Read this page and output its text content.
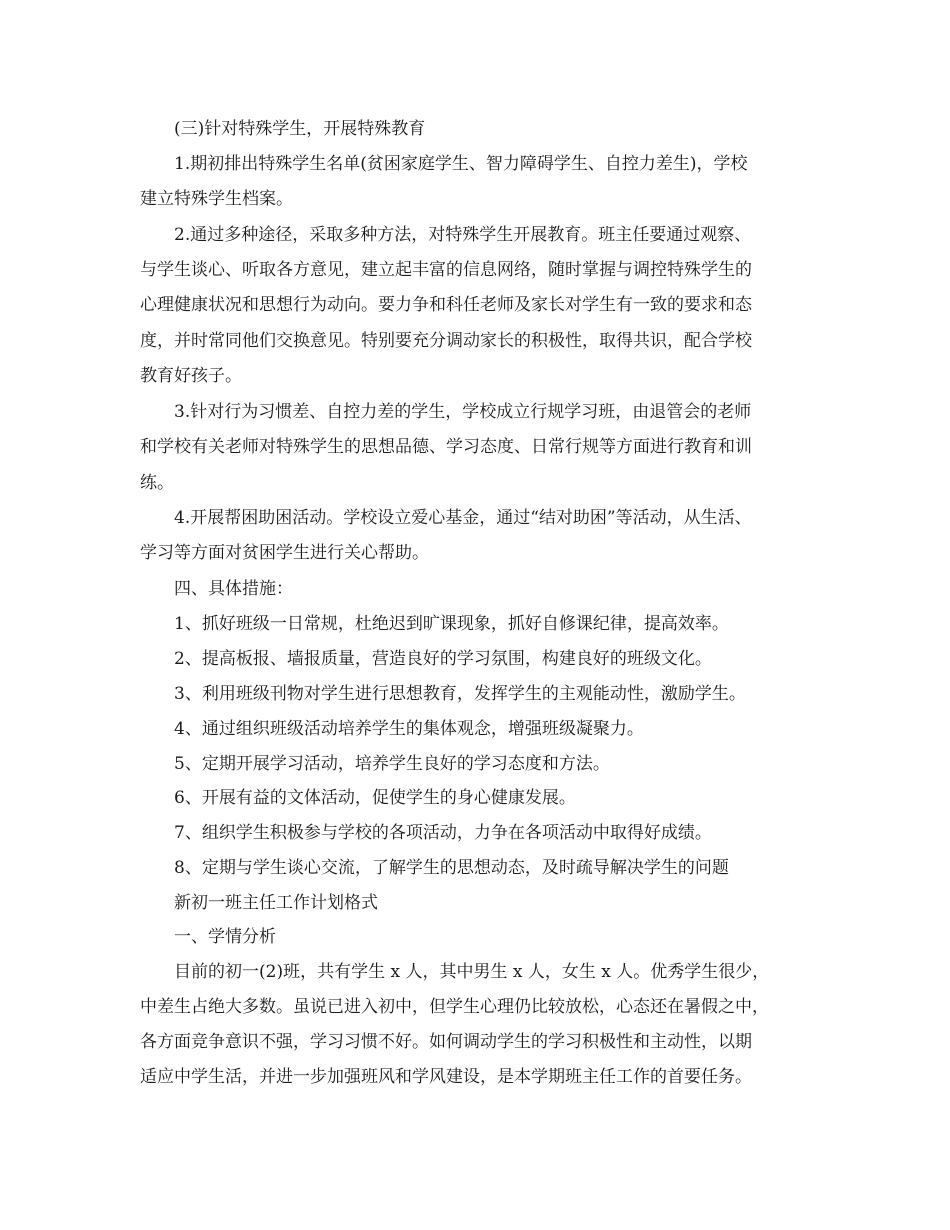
(三)针对特殊学生，开展特殊教育
1.期初排出特殊学生名单(贫困家庭学生、智力障碍学生、自控力差生)，学校
建立特殊学生档案。
2.通过多种途径，采取多种方法，对特殊学生开展教育。班主任要通过观察、
与学生谈心、听取各方意见，建立起丰富的信息网络，随时掌握与调控特殊学生的
心理健康状况和思想行为动向。要力争和科任老师及家长对学生有一致的要求和态
度，并时常同他们交换意见。特别要充分调动家长的积极性，取得共识，配合学校
教育好孩子。
3.针对行为习惯差、自控力差的学生，学校成立行规学习班，由退管会的老师
和学校有关老师对特殊学生的思想品德、学习态度、日常行规等方面进行教育和训
练。
4.开展帮困助困活动。学校设立爱心基金，通过“结对助困”等活动，从生活、
学习等方面对贫困学生进行关心帮助。
四、具体措施：
1、抓好班级一日常规，杜绝迟到旷课现象，抓好自修课纪律，提高效率。
2、提高板报、墙报质量，营造良好的学习氛围，构建良好的班级文化。
3、利用班级刊物对学生进行思想教育，发挥学生的主观能动性，激励学生。
4、通过组织班级活动培养学生的集体观念，增强班级凝聚力。
5、定期开展学习活动，培养学生良好的学习态度和方法。
6、开展有益的文体活动，促使学生的身心健康发展。
7、组织学生积极参与学校的各项活动，力争在各项活动中取得好成绩。
8、定期与学生谈心交流，了解学生的思想动态，及时疏导解决学生的问题
新初一班主任工作计划格式
一、学情分析
目前的初一(2)班，共有学生 x 人，其中男生 x 人，女生 x 人。优秀学生很少，
中差生占绝大多数。虽说已进入初中，但学生心理仍比较放松，心态还在暑假之中，
各方面竞争意识不强，学习习惯不好。如何调动学生的学习积极性和主动性，以期
适应中学生活，并进一步加强班风和学风建设，是本学期班主任工作的首要任务。
